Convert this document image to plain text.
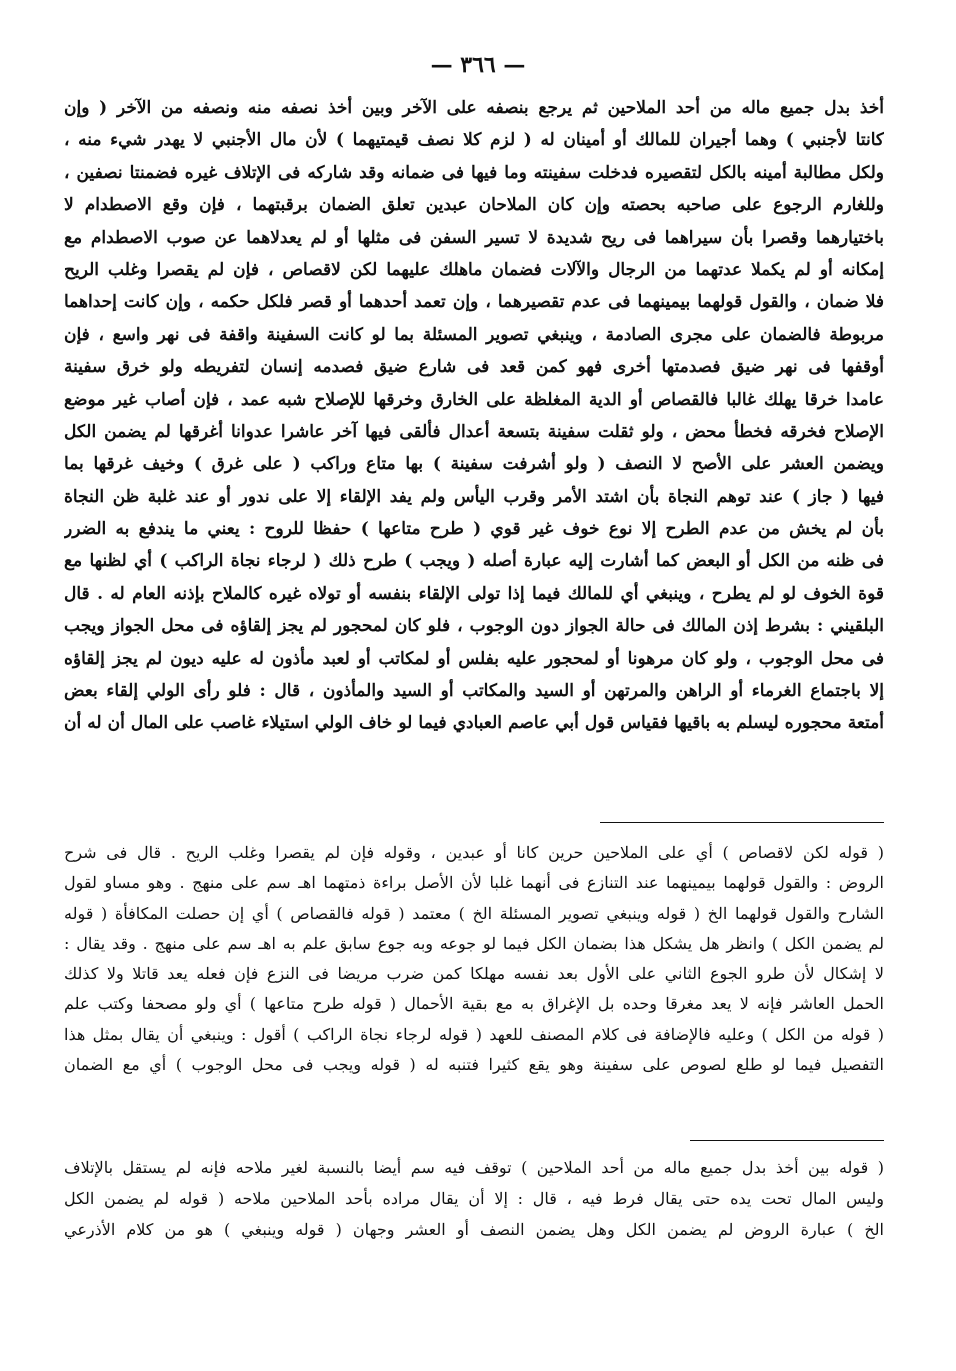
— ٣٦٦ —

أخذ بدل جميع ماله من أحد الملاحين ثم يرجع بنصفه على الآخر وبين أخذ نصفه منه ونصفه من الآخر ( وإن

كانتا لأجنبي ) وهما أجيران للمالك أو أمينان له ( لزم كلا نصف قيمتيهما ) لأن مال الأجنبي لا يهدر شيء منه ،

ولكل مطالبة أمينه بالكل لتقصيره فدخلت سفينته وما فيها فى ضمانه وقد شاركه فى الإتلاف غيره فضمنتا نصفين ،

وللغارم الرجوع على صاحبه بحصته وإن كان الملاحان عبدين تعلق الضمان برقبتهما ، فإن وقع الاصطدام لا

باختيارهما وقصرا بأن سيراهما فى ريح شديدة لا تسير السفن فى مثلها أو لم يعدلاهما عن صوب الاصطدام مع

إمكانه أو لم يكملا عدتهما من الرجال والآلات فضمان ماهلك عليهما لكن لاقصاص ، فإن لم يقصرا وغلب الريح

فلا ضمان ، والقول قولهما بيمينهما فى عدم تقصيرهما ، وإن تعمد أحدهما أو قصر فلكل حكمه ، وإن كانت إحداهما

مربوطة فالضمان على مجرى الصادمة ، وينبغي تصوير المسئلة بما لو كانت السفينة واقفة فى نهر واسع ، فإن

أوقفها فى نهر ضيق فصدمتها أخرى فهو كمن قعد فى شارع ضيق فصدمه إنسان لتفريطه ولو خرق سفينة

عامدا خرقا يهلك غالبا فالقصاص أو الدية المغلظة على الخارق وخرقها للإصلاح شبه عمد ، فإن أصاب غير موضع

الإصلاح فخرقه فخطأ محض ، ولو ثقلت سفينة بتسعة أعدال فألقى فيها آخر عاشرا عدوانا أغرقها لم يضمن الكل

ويضمن العشر على الأصح لا النصف ( ولو أشرفت سفينة ) بها متاع وراكب ( على غرق ) وخيف غرقها بما

فيها ( جاز ) عند توهم النجاة بأن اشتد الأمر وقرب اليأس ولم يفد الإلقاء إلا على ندور أو عند غلبة ظن النجاة

بأن لم يخش من عدم الطرح إلا نوع خوف غير قوي ( طرح متاعها ) حفظا للروح : يعني ما يندفع به الضرر

فى ظنه من الكل أو البعض كما أشارت إليه عبارة أصله ( ويجب ) طرح ذلك ( لرجاء نجاة الراكب ) أي لظنها مع

قوة الخوف لو لم يطرح ، وينبغي أي للمالك فيما إذا تولى الإلقاء بنفسه أو تولاه غيره كالملاح بإذنه العام له . قال

البلقيني : بشرط إذن المالك فى حالة الجواز دون الوجوب ، فلو كان لمحجور لم يجز إلقاؤه فى محل الجواز ويجب

فى محل الوجوب ، ولو كان مرهونا أو لمحجور عليه بفلس أو لمكاتب أو لعبد مأذون له عليه ديون لم يجز إلقاؤه

إلا باجتماع الغرماء أو الراهن والمرتهن أو السيد والمكاتب أو السيد والمأذون ، قال : فلو رأى الولي إلقاء بعض

أمتعة محجوره ليسلم به باقيها فقياس قول أبي عاصم العبادي فيما لو خاف الولي استيلاء غاصب على المال أن له أن

( قوله لكن لاقصاص ) أي على الملاحين حرين كانا أو عبدين ، وقوله فإن لم يقصرا وغلب الريح . قال فى شرح

الروض : والقول قولهما بيمينهما عند التنازع فى أنهما غلبا لأن الأصل براءة ذمتهما اهـ سم على منهج . وهو مساو لقول

الشارح والقول قولهما الخ ( قوله وينبغي تصوير المسئلة الخ ) معتمد ( قوله فالقصاص ) أي إن حصلت المكافأة ( قوله

لم يضمن الكل ) وانظر هل يشكل هذا بضمان الكل فيما لو جوعه وبه جوع سابق علم به اهـ سم على منهج . وقد يقال :

لا إشكال لأن طرو الجوع الثاني على الأول بعد نفسه مهلكا كمن ضرب مريضا فى النزع فإن فعله يعد قاتلا ولا كذلك

الحمل العاشر فإنه لا يعد مغرقا وحده بل الإغراق به مع بقية الأحمال ( قوله طرح متاعها ) أي ولو مصحفا وكتب علم

( قوله من الكل ) وعليه فالإضافة فى كلام المصنف للعهد ( قوله لرجاء نجاة الراكب ) أقول : وينبغي أن يقال بمثل هذا

التفصيل فيما لو طلع لصوص على سفينة وهو يقع كثيرا فتنبه له ( قوله ويجب فى محل الوجوب ) أي مع الضمان

( قوله بين أخذ بدل جميع ماله من أحد الملاحين ) توقف فيه سم أيضا بالنسبة لغير ملاحه فإنه لم يستقل بالإتلاف

وليس المال تحت يده حتى يقال فرط فيه ، قال : إلا أن يقال مراده بأحد الملاحين ملاحه ( قوله لم يضمن الكل

الخ ) عبارة الروض لم يضمن الكل وهل يضمن النصف أو العشر وجهان ( قوله وينبغي ) هو من كلام الأذرعي
